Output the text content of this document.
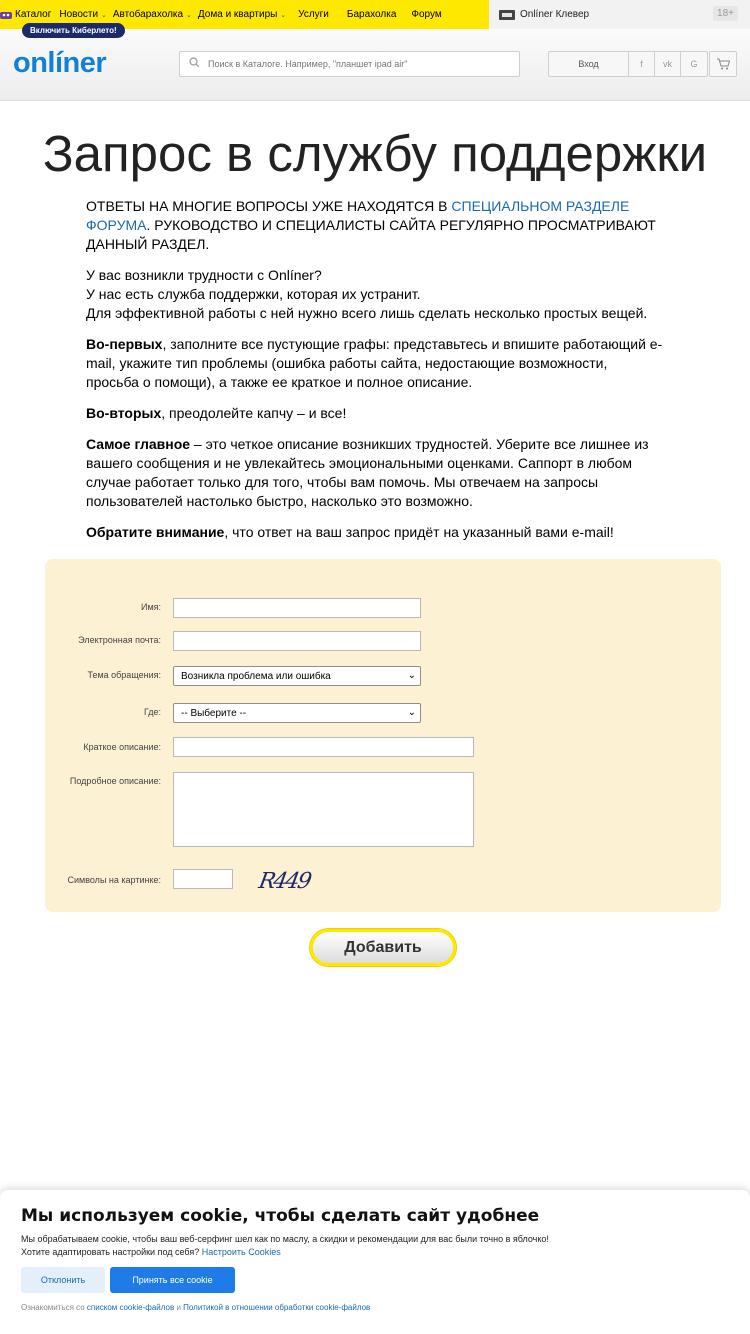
Каталог Новости ⌄ Автобарахолка ⌄ Дома и квартиры ⌄	Услуги	Барахолка	Форум	Onlíner Клевер	18+
Включить Киберлето!
onlíner
Поиск в Каталоге. Например, "планшет ipad air"	Вход	f	vk	G
Запрос в службу поддержки

ОТВЕТЫ НА МНОГИЕ ВОПРОСЫ УЖЕ НАХОДЯТСЯ В СПЕЦИАЛЬНОМ РАЗДЕЛЕ ФОРУМА. РУКОВОДСТВО И СПЕЦИАЛИСТЫ САЙТА РЕГУЛЯРНО ПРОСМАТРИВАЮТ ДАННЫЙ РАЗДЕЛ.

У вас возникли трудности с Onlíner?
У нас есть служба поддержки, которая их устранит.
Для эффективной работы с ней нужно всего лишь сделать несколько простых вещей.

Во-первых, заполните все пустующие графы: представьтесь и впишите работающий e-mail, укажите тип проблемы (ошибка работы сайта, недостающие возможности, просьба о помощи), а также ее краткое и полное описание.

Во-вторых, преодолейте капчу – и все!

Самое главное – это четкое описание возникших трудностей. Уберите все лишнее из вашего сообщения и не увлекайтесь эмоциональными оценками. Саппорт в любом случае работает только для того, чтобы вам помочь. Мы отвечаем на запросы пользователей настолько быстро, насколько это возможно.

Обратите внимание, что ответ на ваш запрос придёт на указанный вами e-mail!

Имя:
Электронная почта:
Тема обращения: Возникла проблема или ошибка	⌄
Где: -- Выберите --	⌄
Краткое описание:
Подробное описание:
Символы на картинке:	R449
Добавить
Мы используем cookie, чтобы сделать сайт удобнее
Мы обрабатываем cookie, чтобы ваш веб-серфинг шел как по маслу, а скидки и рекомендации для вас были точно в яблочко!
Хотите адаптировать настройки под себя? Настроить Cookies
Отклонить	Принять все cookie
Ознакомиться со списком cookie-файлов и Политикой в отношении обработки cookie-файлов
